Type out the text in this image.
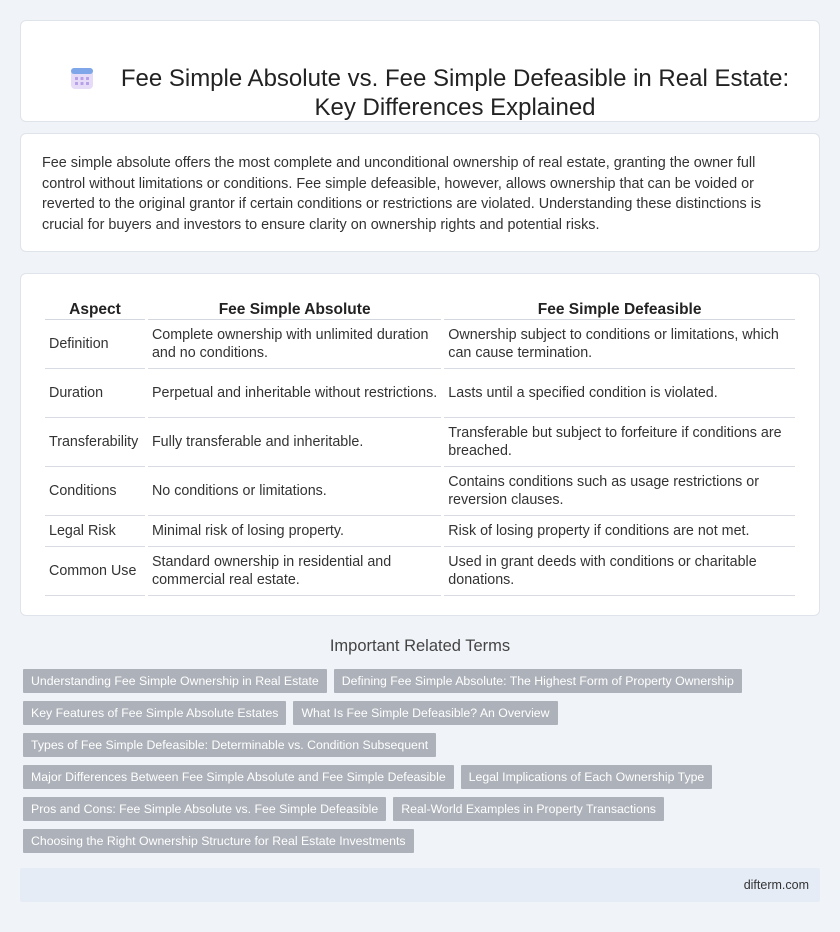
Fee Simple Absolute vs. Fee Simple Defeasible in Real Estate: Key Differences Explained

Fee simple absolute offers the most complete and unconditional ownership of real estate, granting the owner full control without limitations or conditions. Fee simple defeasible, however, allows ownership that can be voided or reverted to the original grantor if certain conditions or restrictions are violated. Understanding these distinctions is crucial for buyers and investors to ensure clarity on ownership rights and potential risks.

Aspect	Fee Simple Absolute	Fee Simple Defeasible
Definition	Complete ownership with unlimited duration and no conditions.	Ownership subject to conditions or limitations, which can cause termination.
Duration	Perpetual and inheritable without restrictions.	Lasts until a specified condition is violated.
Transferability	Fully transferable and inheritable.	Transferable but subject to forfeiture if conditions are breached.
Conditions	No conditions or limitations.	Contains conditions such as usage restrictions or reversion clauses.
Legal Risk	Minimal risk of losing property.	Risk of losing property if conditions are not met.
Common Use	Standard ownership in residential and commercial real estate.	Used in grant deeds with conditions or charitable donations.
Important Related Terms
Understanding Fee Simple Ownership in Real Estate	Defining Fee Simple Absolute: The Highest Form of Property Ownership
Key Features of Fee Simple Absolute Estates	What Is Fee Simple Defeasible? An Overview
Types of Fee Simple Defeasible: Determinable vs. Condition Subsequent
Major Differences Between Fee Simple Absolute and Fee Simple Defeasible	Legal Implications of Each Ownership Type
Pros and Cons: Fee Simple Absolute vs. Fee Simple Defeasible	Real-World Examples in Property Transactions
Choosing the Right Ownership Structure for Real Estate Investments
difterm.com
